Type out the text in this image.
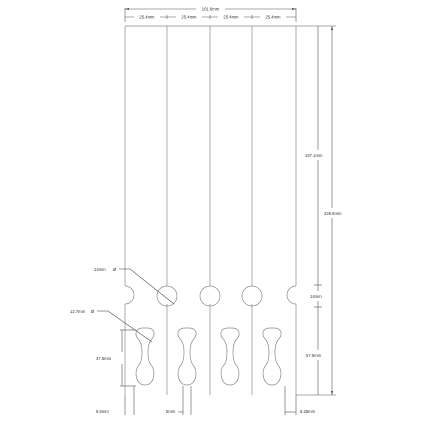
101.6mm
25.4mm	25.4mm	25.4mm	25.4mm
157.1mm
14mm
57.5mm
228.6mm
14mm Ø
12.7mm Ø
37.5mm
8.5mm	5mm	6.35mm
